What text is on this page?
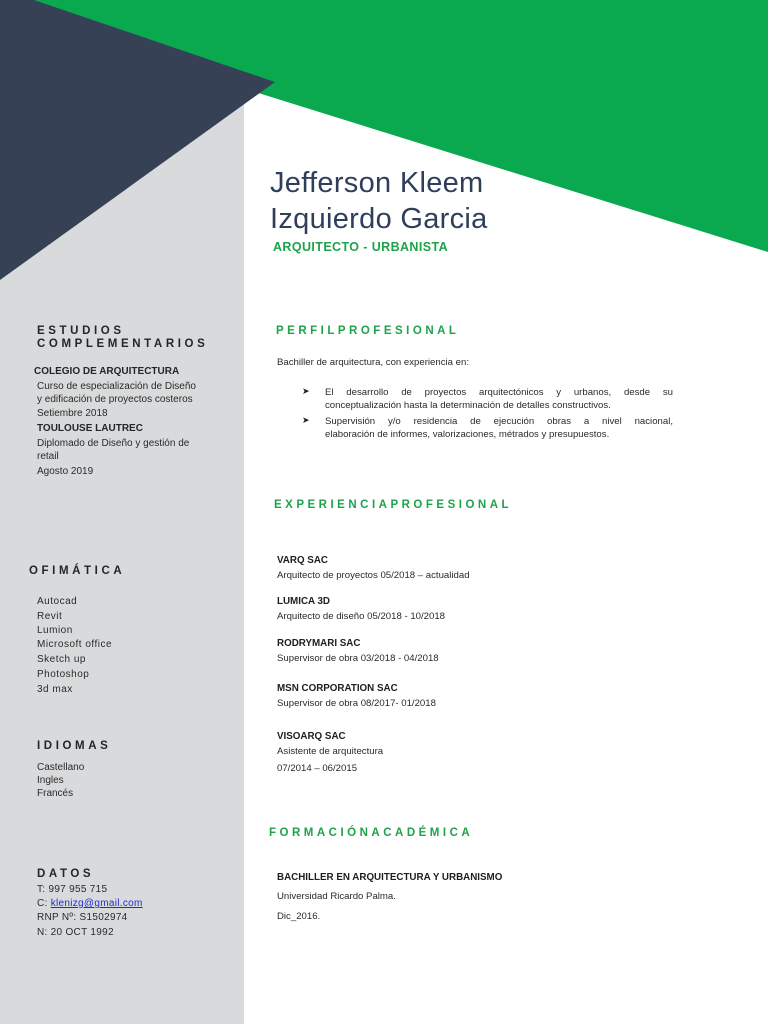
Jefferson Kleem
Izquierdo Garcia
ARQUITECTO - URBANISTA
ESTUDIOS
COMPLEMENTARIOS
COLEGIO DE ARQUITECTURA
Curso de especialización de Diseño
y edificación de proyectos costeros
Setiembre 2018
TOULOUSE LAUTREC
Diplomado de Diseño y gestión de
retail
Agosto 2019
OFIMÁTICA
Autocad
Revit
Lumion
Microsoft office
Sketch up
Photoshop
3d max
IDIOMAS
Castellano
Ingles
Francés
DATOS
T: 997 955 715
C: klenizg@gmail.com
RNP Nº: S1502974
N: 20 OCT 1992
PERFILPROFESIONAL
Bachiller de arquitectura, con experiencia en:
➤ El desarrollo de proyectos arquitectónicos y urbanos, desde su
conceptualización hasta la determinación de detalles constructivos.
➤ Supervisión y/o residencia de ejecución obras a nivel nacional,
elaboración de informes, valorizaciones, métrados y presupuestos.
EXPERIENCIAPROFESIONAL
VARQ SAC
Arquitecto de proyectos 05/2018 – actualidad
LUMICA 3D
Arquitecto de diseño 05/2018 - 10/2018
RODRYMARI SAC
Supervisor de obra 03/2018 - 04/2018
MSN CORPORATION SAC
Supervisor de obra 08/2017- 01/2018
VISOARQ SAC
Asistente de arquitectura
07/2014 – 06/2015
FORMACIÓNACADÉMICA
BACHILLER EN ARQUITECTURA Y URBANISMO
Universidad Ricardo Palma.
Dic_2016.
